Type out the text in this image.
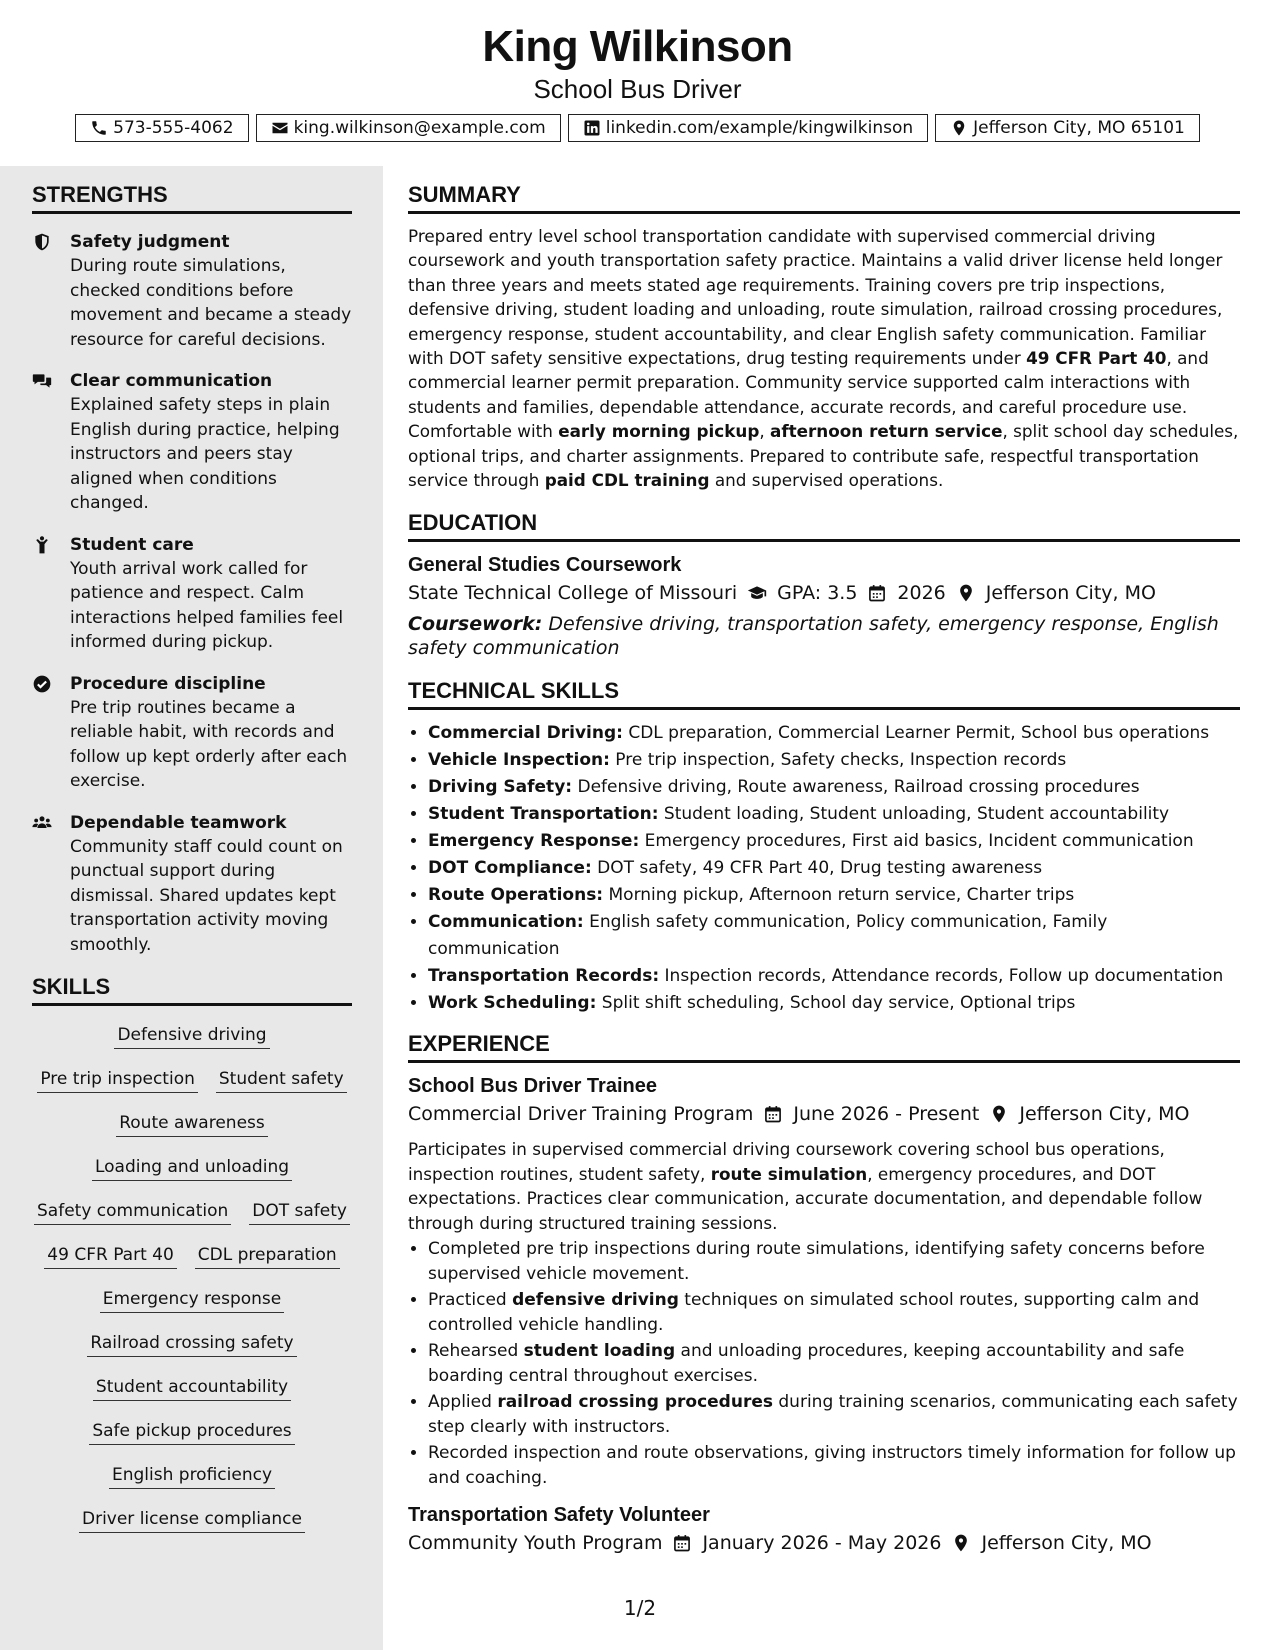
King Wilkinson
School Bus Driver
573-555-4062	king.wilkinson@example.com	linkedin.com/example/kingwilkinson	Jefferson City, MO 65101
STRENGTHS
Safety judgment
During route simulations, checked conditions before movement and became a steady resource for careful decisions.
Clear communication
Explained safety steps in plain English during practice, helping instructors and peers stay aligned when conditions changed.
Student care
Youth arrival work called for patience and respect. Calm interactions helped families feel informed during pickup.
Procedure discipline
Pre trip routines became a reliable habit, with records and follow up kept orderly after each exercise.
Dependable teamwork
Community staff could count on punctual support during dismissal. Shared updates kept transportation activity moving smoothly.
SKILLS
Defensive driving
Pre trip inspection Student safety
Route awareness
Loading and unloading
Safety communication DOT safety
49 CFR Part 40 CDL preparation
Emergency response
Railroad crossing safety
Student accountability
Safe pickup procedures
English proficiency
Driver license compliance
SUMMARY

Prepared entry level school transportation candidate with supervised commercial driving coursework and youth transportation safety practice. Maintains a valid driver license held longer than three years and meets stated age requirements. Training covers pre trip inspections, defensive driving, student loading and unloading, route simulation, railroad crossing procedures, emergency response, student accountability, and clear English safety communication. Familiar with DOT safety sensitive expectations, drug testing requirements under 49 CFR Part 40, and commercial learner permit preparation. Community service supported calm interactions with students and families, dependable attendance, accurate records, and careful procedure use. Comfortable with early morning pickup, afternoon return service, split school day schedules, optional trips, and charter assignments. Prepared to contribute safe, respectful transportation service through paid CDL training and supervised operations.

EDUCATION
General Studies Coursework
State Technical College of Missouri GPA: 3.5 2026 Jefferson City, MO
Coursework: Defensive driving, transportation safety, emergency response, English safety communication
TECHNICAL SKILLS
• Commercial Driving: CDL preparation, Commercial Learner Permit, School bus operations
• Vehicle Inspection: Pre trip inspection, Safety checks, Inspection records
• Driving Safety: Defensive driving, Route awareness, Railroad crossing procedures
• Student Transportation: Student loading, Student unloading, Student accountability
• Emergency Response: Emergency procedures, First aid basics, Incident communication
• DOT Compliance: DOT safety, 49 CFR Part 40, Drug testing awareness
• Route Operations: Morning pickup, Afternoon return service, Charter trips
• Communication: English safety communication, Policy communication, Family communication
• Transportation Records: Inspection records, Attendance records, Follow up documentation
• Work Scheduling: Split shift scheduling, School day service, Optional trips
EXPERIENCE
School Bus Driver Trainee
Commercial Driver Training Program June 2026 - Present Jefferson City, MO

Participates in supervised commercial driving coursework covering school bus operations, inspection routines, student safety, route simulation, emergency procedures, and DOT expectations. Practices clear communication, accurate documentation, and dependable follow through during structured training sessions.

• Completed pre trip inspections during route simulations, identifying safety concerns before supervised vehicle movement.
• Practiced defensive driving techniques on simulated school routes, supporting calm and controlled vehicle handling.
• Rehearsed student loading and unloading procedures, keeping accountability and safe boarding central throughout exercises.
• Applied railroad crossing procedures during training scenarios, communicating each safety step clearly with instructors.
• Recorded inspection and route observations, giving instructors timely information for follow up and coaching.
Transportation Safety Volunteer
Community Youth Program January 2026 - May 2026 Jefferson City, MO
1/2
